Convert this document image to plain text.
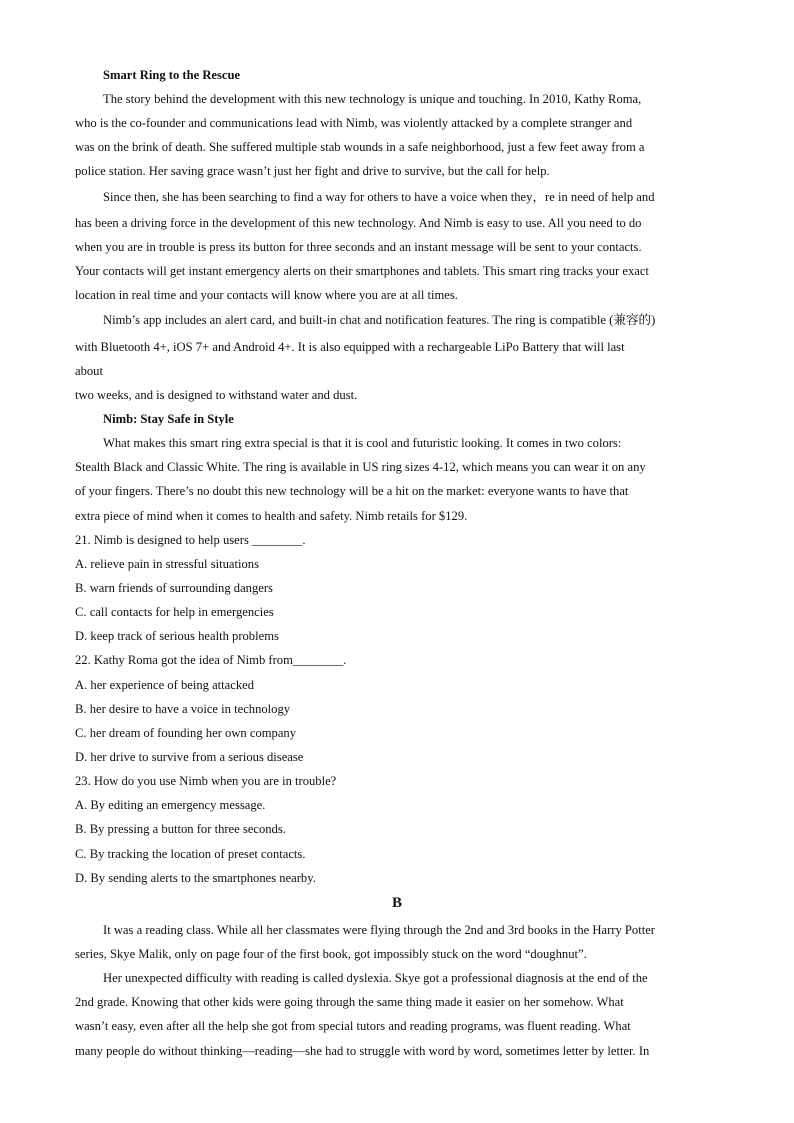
Smart Ring to the Rescue
The story behind the development with this new technology is unique and touching. In 2010, Kathy Roma,
who is the co-founder and communications lead with Nimb, was violently attacked by a complete stranger and
was on the brink of death. She suffered multiple stab wounds in a safe neighborhood, just a few feet away from a
police station. Her saving grace wasn’t just her fight and drive to survive, but the call for help.
Since then, she has been searching to find a way for others to have a voice when they，re in need of help and
has been a driving force in the development of this new technology. And Nimb is easy to use. All you need to do
when you are in trouble is press its button for three seconds and an instant message will be sent to your contacts.
Your contacts will get instant emergency alerts on their smartphones and tablets. This smart ring tracks your exact
location in real time and your contacts will know where you are at all times.
Nimb’s app includes an alert card, and built-in chat and notification features. The ring is compatible (兼容的)
with Bluetooth 4+, iOS 7+ and Android 4+. It is also equipped with a rechargeable LiPo Battery that will last
about
two weeks, and is designed to withstand water and dust.
Nimb: Stay Safe in Style
What makes this smart ring extra special is that it is cool and futuristic looking. It comes in two colors:
Stealth Black and Classic White. The ring is available in US ring sizes 4-12, which means you can wear it on any
of your fingers. There’s no doubt this new technology will be a hit on the market: everyone wants to have that
extra piece of mind when it comes to health and safety. Nimb retails for $129.
21. Nimb is designed to help users ________.
A. relieve pain in stressful situations
B. warn friends of surrounding dangers
C. call contacts for help in emergencies
D. keep track of serious health problems
22. Kathy Roma got the idea of Nimb from________.
A. her experience of being attacked
B. her desire to have a voice in technology
C. her dream of founding her own company
D. her drive to survive from a serious disease
23. How do you use Nimb when you are in trouble?
A. By editing an emergency message.
B. By pressing a button for three seconds.
C. By tracking the location of preset contacts.
D. By sending alerts to the smartphones nearby.
B
It was a reading class. While all her classmates were flying through the 2nd and 3rd books in the Harry Potter
series, Skye Malik, only on page four of the first book, got impossibly stuck on the word “doughnut”.
Her unexpected difficulty with reading is called dyslexia. Skye got a professional diagnosis at the end of the
2nd grade. Knowing that other kids were going through the same thing made it easier on her somehow. What
wasn’t easy, even after all the help she got from special tutors and reading programs, was fluent reading. What
many people do without thinking—reading—she had to struggle with word by word, sometimes letter by letter. In
